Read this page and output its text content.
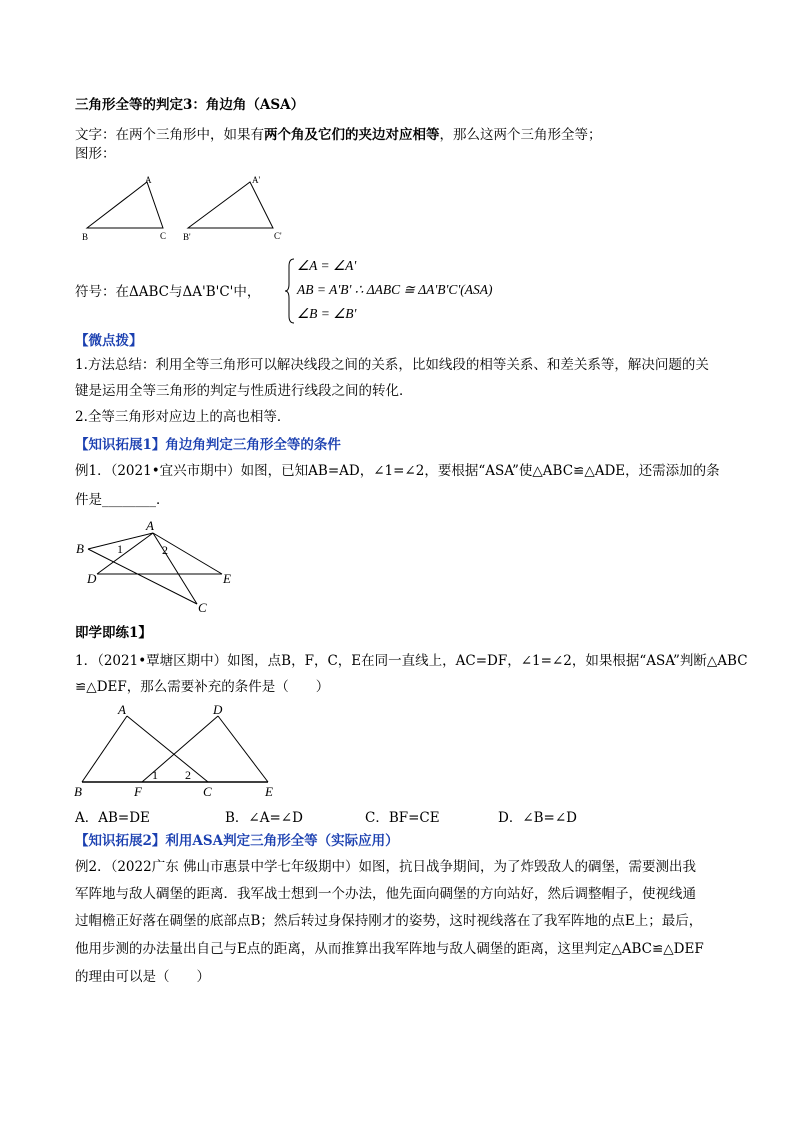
三角形全等的判定3：角边角（ASA）
文字：在两个三角形中，如果有两个角及它们的夹边对应相等，那么这两个三角形全等；
图形：
A
B	C
A'
B'	C'
符号：在ΔABC与ΔA'B'C'中，
∠A = ∠A'
AB = A'B' ∴ ΔABC ≅ ΔA'B'C'(ASA)
∠B = ∠B'
【微点拨】
1.方法总结：利用全等三角形可以解决线段之间的关系，比如线段的相等关系、和差关系等，解决问题的关
键是运用全等三角形的判定与性质进行线段之间的转化．
2.全等三角形对应边上的高也相等．
【知识拓展1】角边角判定三角形全等的条件
例1．（2021•宜兴市期中）如图，已知AB=AD，∠1=∠2，要根据“ASA”使△ABC≌△ADE，还需添加的条
件是________．
A
B
D	E
C
1	2
即学即练1】
1．（2021•覃塘区期中）如图，点B，F，C，E在同一直线上，AC=DF，∠1=∠2，如果根据“ASA”判断△ABC
≌△DEF，那么需要补充的条件是（　　）
A	D
B	F	C	E
1 2
A．AB=DE	B．∠A=∠D	C．BF=CE	D．∠B=∠D
【知识拓展2】利用ASA判定三角形全等（实际应用）
例2．（2022广东 佛山市惠景中学七年级期中）如图，抗日战争期间，为了炸毁敌人的碉堡，需要测出我
军阵地与敌人碉堡的距离．我军战士想到一个办法，他先面向碉堡的方向站好，然后调整帽子，使视线通
过帽檐正好落在碉堡的底部点B；然后转过身保持刚才的姿势，这时视线落在了我军阵地的点E上；最后，
他用步测的办法量出自己与E点的距离，从而推算出我军阵地与敌人碉堡的距离，这里判定△ABC≌△DEF
的理由可以是（　　）
